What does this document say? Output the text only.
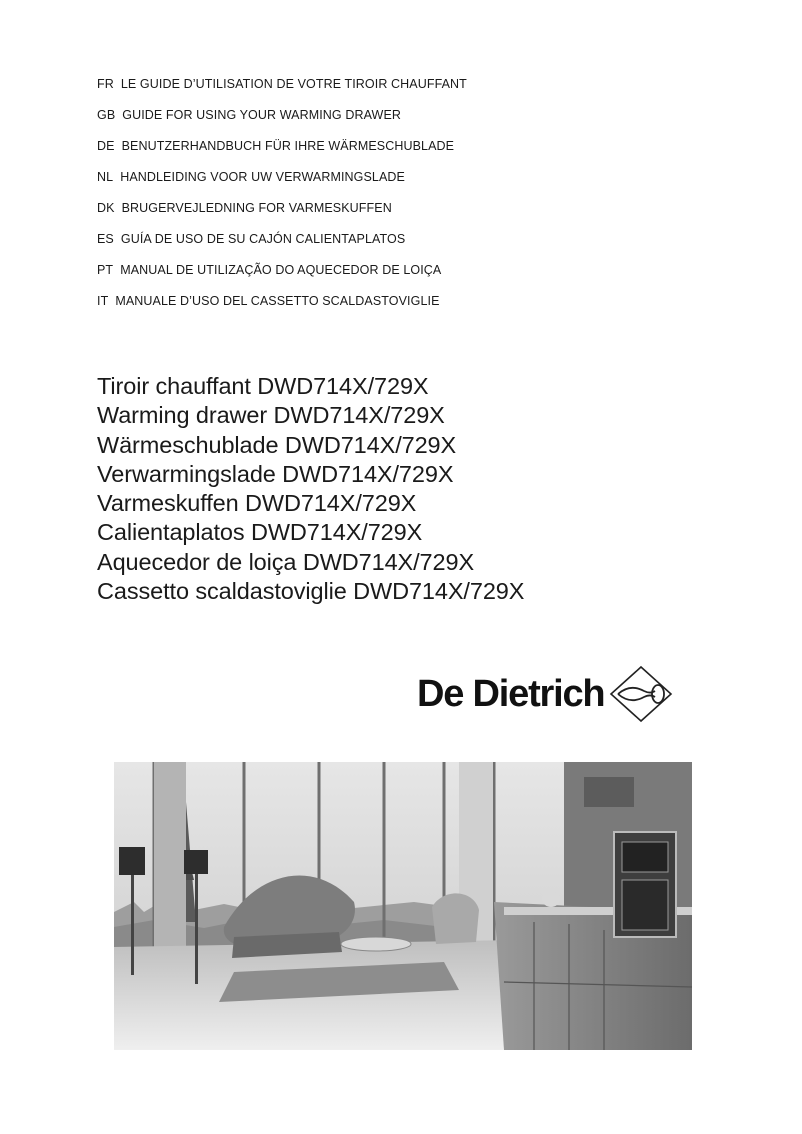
FR LE GUIDE D’UTILISATION DE VOTRE TIROIR CHAUFFANT
GB GUIDE FOR USING YOUR WARMING DRAWER
DE BENUTZERHANDBUCH FÜR IHRE WÄRMESCHUBLADE
NL HANDLEIDING VOOR UW VERWARMINGSLADE
DK BRUGERVEJLEDNING FOR VARMESKUFFEN
ES GUÍA DE USO DE SU CAJÓN CALIENTAPLATOS
PT MANUAL DE UTILIZAÇÃO DO AQUECEDOR DE LOIÇA
IT MANUALE D’USO DEL CASSETTO SCALDASTOVIGLIE
Tiroir chauffant DWD714X/729X
Warming drawer DWD714X/729X
Wärmeschublade DWD714X/729X
Verwarmingslade DWD714X/729X
Varmeskuffen DWD714X/729X
Calientaplatos DWD714X/729X
Aquecedor de loiça DWD714X/729X
Cassetto scaldastoviglie DWD714X/729X
De Dietrich
